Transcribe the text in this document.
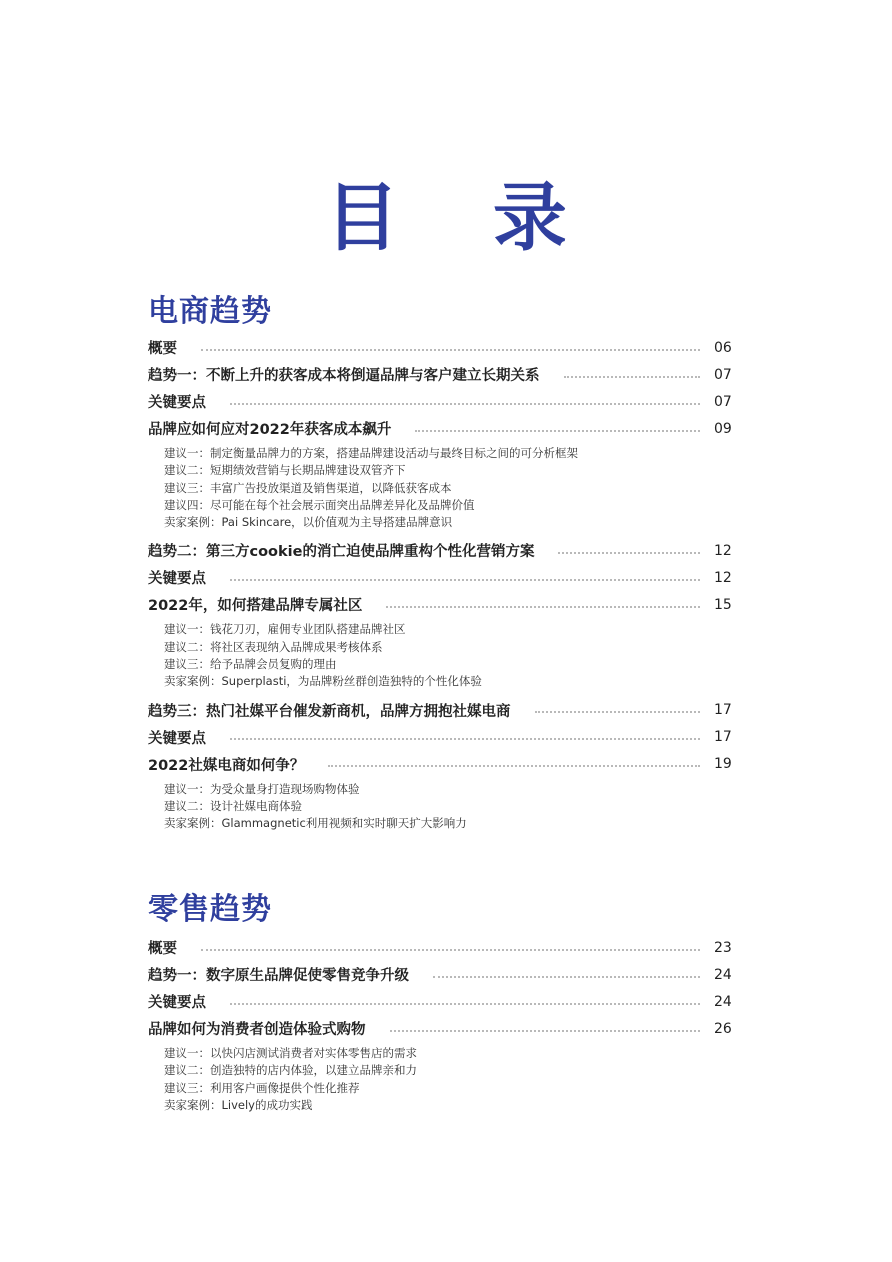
目 录
电商趋势
概要	06
趋势一：不断上升的获客成本将倒逼品牌与客户建立长期关系	07
关键要点	07
品牌应如何应对2022年获客成本飙升	09
建议一：制定衡量品牌力的方案，搭建品牌建设活动与最终目标之间的可分析框架
建议二：短期绩效营销与长期品牌建设双管齐下
建议三：丰富广告投放渠道及销售渠道，以降低获客成本
建议四：尽可能在每个社会展示面突出品牌差异化及品牌价值
卖家案例：Pai Skincare，以价值观为主导搭建品牌意识
趋势二：第三方cookie的消亡迫使品牌重构个性化营销方案	12
关键要点	12
2022年，如何搭建品牌专属社区	15
建议一：钱花刀刃，雇佣专业团队搭建品牌社区
建议二：将社区表现纳入品牌成果考核体系
建议三：给予品牌会员复购的理由
卖家案例：Superplasti，为品牌粉丝群创造独特的个性化体验
趋势三：热门社媒平台催发新商机，品牌方拥抱社媒电商	17
关键要点	17
2022社媒电商如何争？	19
建议一：为受众量身打造现场购物体验
建议二：设计社媒电商体验
卖家案例：Glammagnetic利用视频和实时聊天扩大影响力
零售趋势
概要	23
趋势一：数字原生品牌促使零售竞争升级	24
关键要点	24
品牌如何为消费者创造体验式购物	26
建议一：以快闪店测试消费者对实体零售店的需求
建议二：创造独特的店内体验，以建立品牌亲和力
建议三：利用客户画像提供个性化推荐
卖家案例：Lively的成功实践
